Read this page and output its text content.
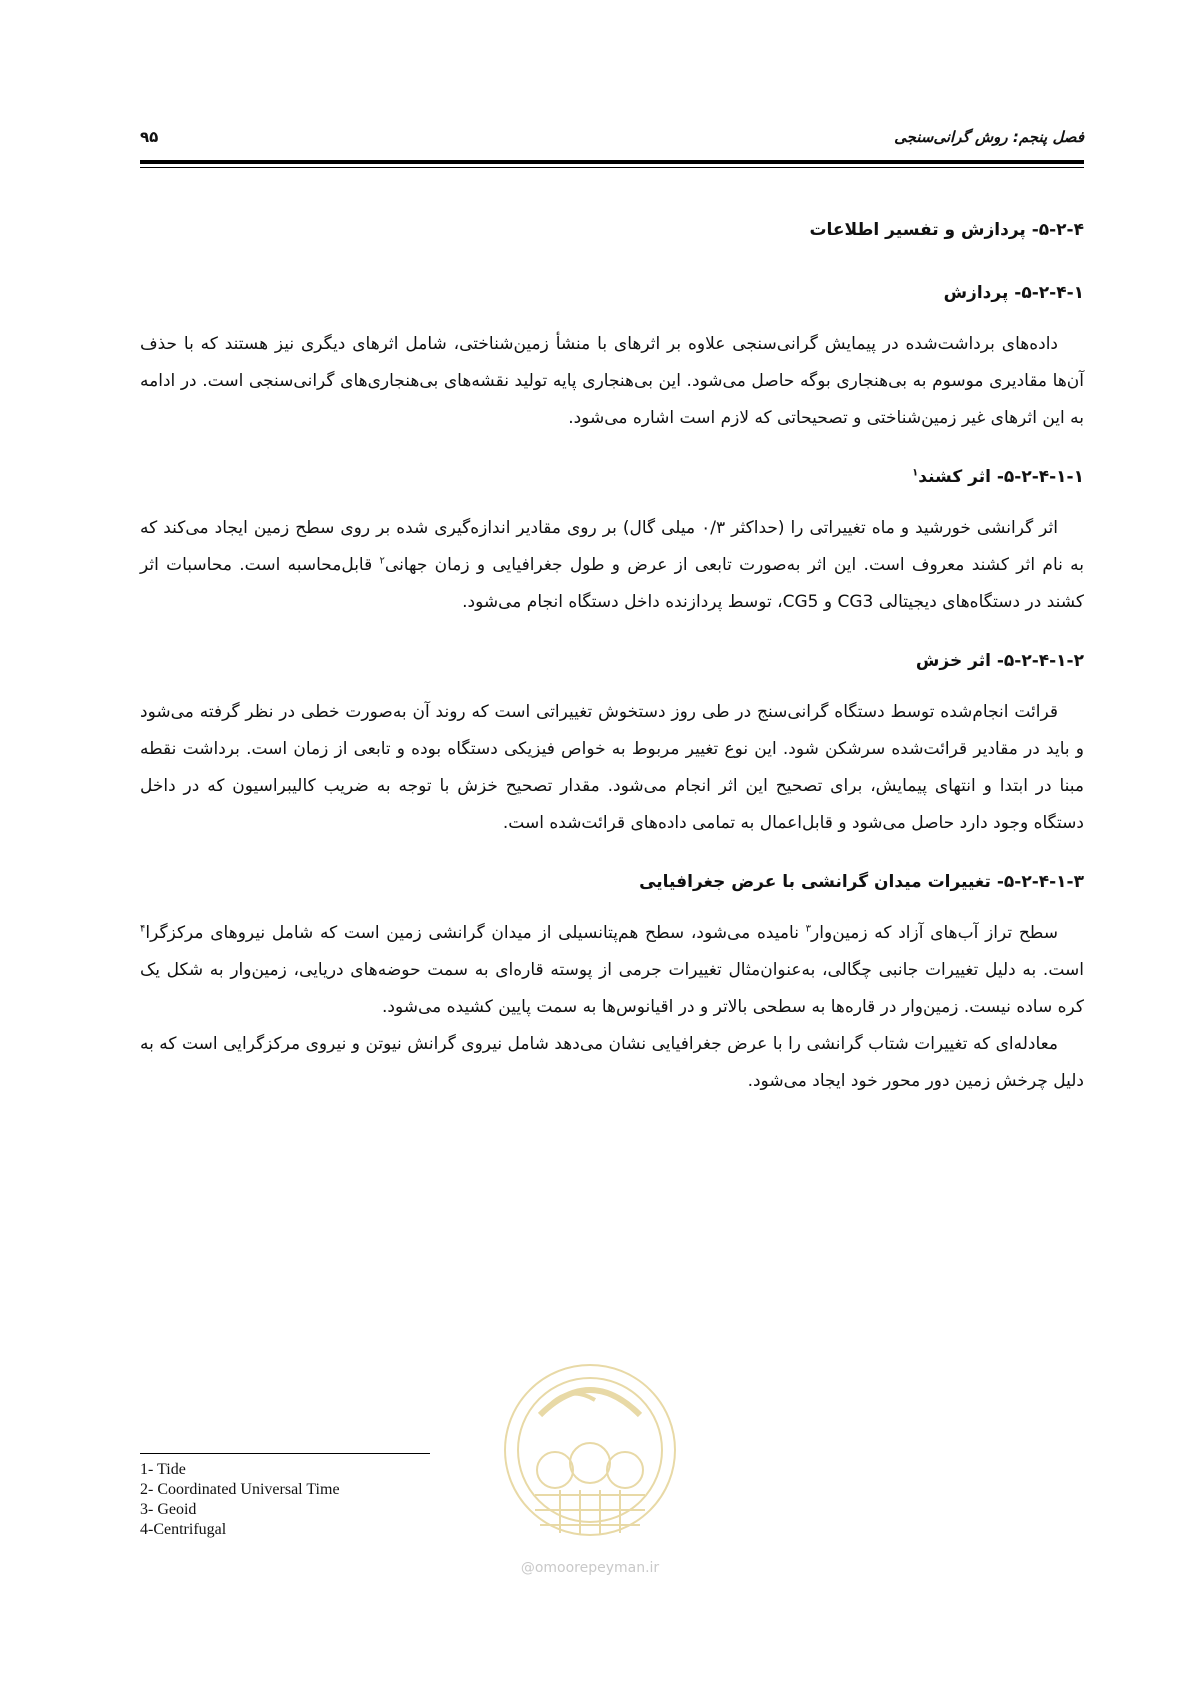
فصل پنجم: روش گرانی‌سنجی
۹۵
۵-۲-۴- پردازش و تفسیر اطلاعات
۵-۲-۴-۱- پردازش

داده‌های برداشت‌شده در پیمایش گرانی‌سنجی علاوه بر اثرهای با منشأ زمین‌شناختی، شامل اثرهای دیگری نیز هستند که با حذف آن‌ها مقادیری موسوم به بی‌هنجاری بوگه حاصل می‌شود. این بی‌هنجاری پایه تولید نقشه‌های بی‌هنجاری‌های گرانی‌سنجی است. در ادامه به این اثرهای غیر زمین‌شناختی و تصحیحاتی که لازم است اشاره می‌شود.

۵-۲-۴-۱-۱- اثر کشند$^۱$

اثر گرانشی خورشید و ماه تغییراتی را (حداکثر ۰/۳ میلی گال) بر روی مقادیر اندازه‌گیری شده بر روی سطح زمین ایجاد می‌کند که به نام اثر کشند معروف است. این اثر به‌صورت تابعی از عرض و طول جغرافیایی و زمان جهانی$^۲$ قابل‌محاسبه است. محاسبات اثر کشند در دستگاه‌های دیجیتالی CG3 و CG5، توسط پردازنده داخل دستگاه انجام می‌شود.

۵-۲-۴-۱-۲- اثر خزش

قرائت انجام‌شده توسط دستگاه گرانی‌سنج در طی روز دستخوش تغییراتی است که روند آن به‌صورت خطی در نظر گرفته می‌شود و باید در مقادیر قرائت‌شده سرشکن شود. این نوع تغییر مربوط به خواص فیزیکی دستگاه بوده و تابعی از زمان است. برداشت نقطه مبنا در ابتدا و انتهای پیمایش، برای تصحیح این اثر انجام می‌شود. مقدار تصحیح خزش با توجه به ضریب کالیبراسیون که در داخل دستگاه وجود دارد حاصل می‌شود و قابل‌اعمال به تمامی داده‌های قرائت‌شده است.

۵-۲-۴-۱-۳- تغییرات میدان گرانشی با عرض جغرافیایی

سطح تراز آب‌های آزاد که زمین‌وار$^۳$ نامیده می‌شود، سطح هم‌پتانسیلی از میدان گرانشی زمین است که شامل نیروهای مرکزگرا$^۴$ است. به دلیل تغییرات جانبی چگالی، به‌عنوان‌مثال تغییرات جرمی از پوسته قاره‌ای به سمت حوضه‌های دریایی، زمین‌وار به شکل یک کره ساده نیست. زمین‌وار در قاره‌ها به سطحی بالاتر و در اقیانوس‌ها به سمت پایین کشیده می‌شود.

معادله‌ای که تغییرات شتاب گرانشی را با عرض جغرافیایی نشان می‌دهد شامل نیروی گرانش نیوتن و نیروی مرکزگرایی است که به دلیل چرخش زمین دور محور خود ایجاد می‌شود.

@omoorepeyman.ir
1- Tide
2- Coordinated Universal Time
3- Geoid
4-Centrifugal
